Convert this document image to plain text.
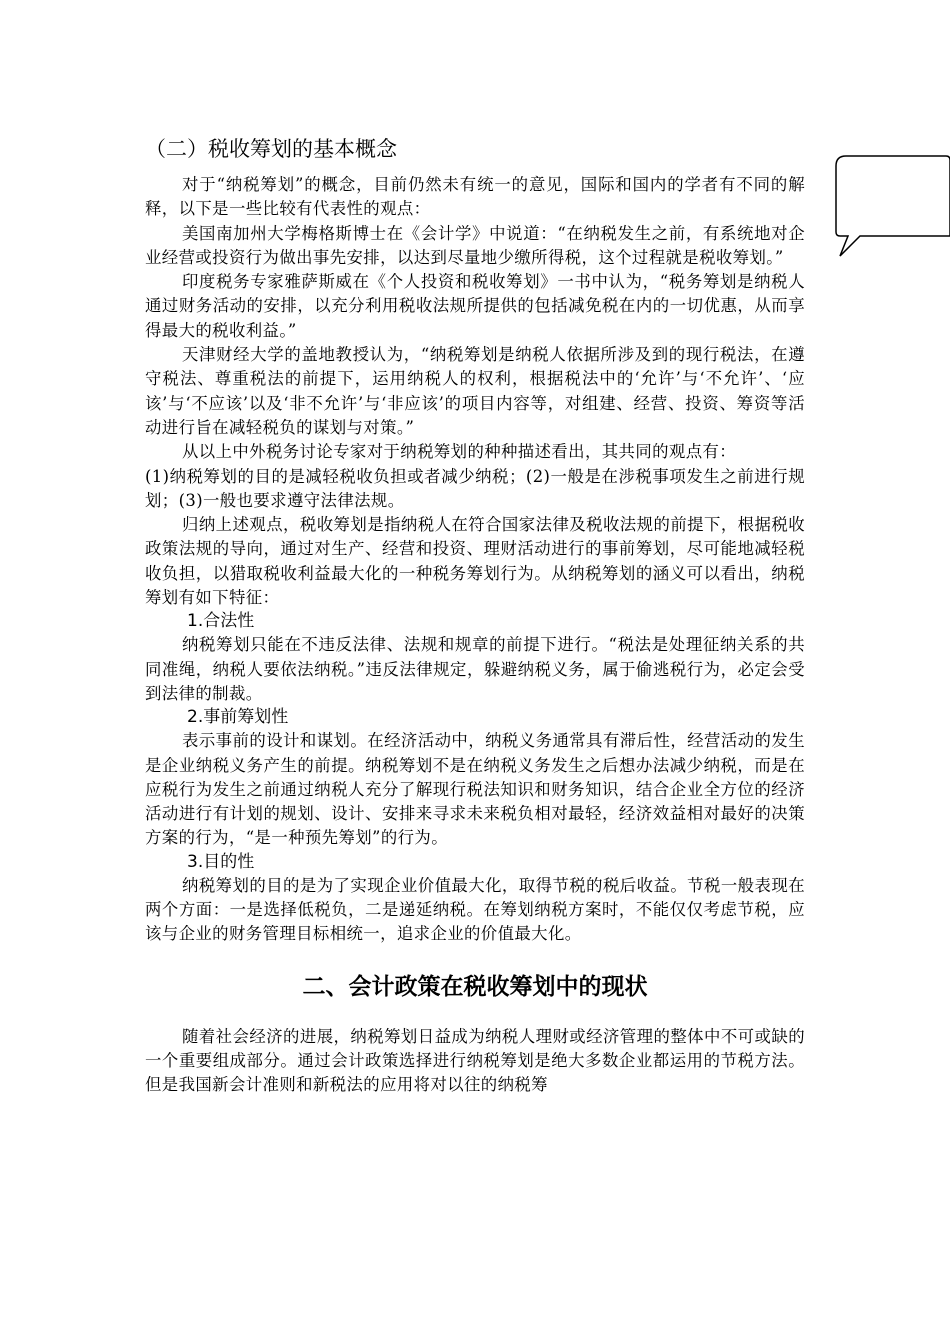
（二）税收筹划的基本概念

对于“纳税筹划”的概念，目前仍然未有统一的意见，国际和国内的学者有不同的解释，以下是一些比较有代表性的观点：

美国南加州大学梅格斯博士在《会计学》中说道：“在纳税发生之前，有系统地对企业经营或投资行为做出事先安排，以达到尽量地少缴所得税，这个过程就是税收筹划。”

印度税务专家雅萨斯威在《个人投资和税收筹划》一书中认为，“税务筹划是纳税人通过财务活动的安排，以充分利用税收法规所提供的包括减免税在内的一切优惠，从而享得最大的税收利益。”

天津财经大学的盖地教授认为，“纳税筹划是纳税人依据所涉及到的现行税法，在遵守税法、尊重税法的前提下，运用纳税人的权利，根据税法中的‘允许’与‘不允许’、‘应该’与‘不应该’以及‘非不允许’与‘非应该’的项目内容等，对组建、经营、投资、筹资等活动进行旨在减轻税负的谋划与对策。”

从以上中外税务讨论专家对于纳税筹划的种种描述看出，其共同的观点有：

(1)纳税筹划的目的是减轻税收负担或者减少纳税；(2)一般是在涉税事项发生之前进行规划；(3)一般也要求遵守法律法规。

归纳上述观点，税收筹划是指纳税人在符合国家法律及税收法规的前提下，根据税收政策法规的导向，通过对生产、经营和投资、理财活动进行的事前筹划，尽可能地减轻税收负担，以猎取税收利益最大化的一种税务筹划行为。从纳税筹划的涵义可以看出，纳税筹划有如下特征：

1.合法性

纳税筹划只能在不违反法律、法规和规章的前提下进行。“税法是处理征纳关系的共同准绳，纳税人要依法纳税。”违反法律规定，躲避纳税义务，属于偷逃税行为，必定会受到法律的制裁。

2.事前筹划性

表示事前的设计和谋划。在经济活动中，纳税义务通常具有滞后性，经营活动的发生是企业纳税义务产生的前提。纳税筹划不是在纳税义务发生之后想办法减少纳税，而是在应税行为发生之前通过纳税人充分了解现行税法知识和财务知识，结合企业全方位的经济活动进行有计划的规划、设计、安排来寻求未来税负相对最轻，经济效益相对最好的决策方案的行为，“是一种预先筹划”的行为。

3.目的性

纳税筹划的目的是为了实现企业价值最大化，取得节税的税后收益。节税一般表现在两个方面：一是选择低税负，二是递延纳税。在筹划纳税方案时，不能仅仅考虑节税，应该与企业的财务管理目标相统一，追求企业的价值最大化。

二、会计政策在税收筹划中的现状

随着社会经济的进展，纳税筹划日益成为纳税人理财或经济管理的整体中不可或缺的一个重要组成部分。通过会计政策选择进行纳税筹划是绝大多数企业都运用的节税方法。但是我国新会计准则和新税法的应用将对以往的纳税筹
